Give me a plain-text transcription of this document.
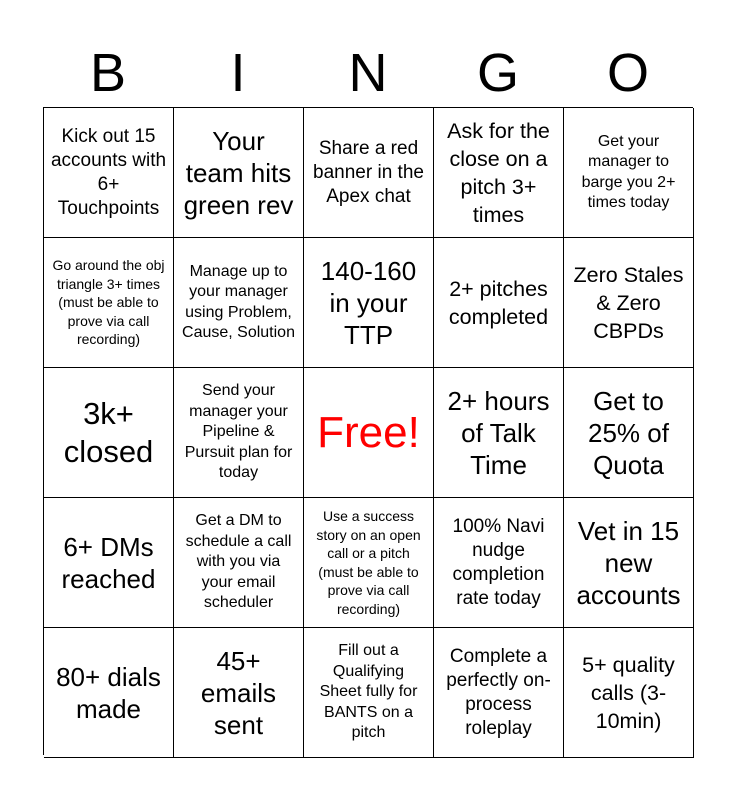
B	I	N	G	O
Kick out 15 accounts with 6+ Touchpoints
Your team hits green rev
Share a red banner in the Apex chat
Ask for the close on a pitch 3+ times
Get your manager to barge you 2+ times today
Go around the obj triangle 3+ times (must be able to prove via call recording)
Manage up to your manager using Problem, Cause, Solution
140-160 in your TTP
2+ pitches completed
Zero Stales & Zero CBPDs
3k+ closed
Send your manager your Pipeline & Pursuit plan for today
Free!
2+ hours of Talk Time
Get to 25% of Quota
6+ DMs reached
Get a DM to schedule a call with you via your email scheduler
Use a success story on an open call or a pitch (must be able to prove via call recording)
100% Navi nudge completion rate today
Vet in 15 new accounts
80+ dials made
45+ emails sent
Fill out a Qualifying Sheet fully for BANTS on a pitch
Complete a perfectly on-process roleplay
5+ quality calls (3-10min)
